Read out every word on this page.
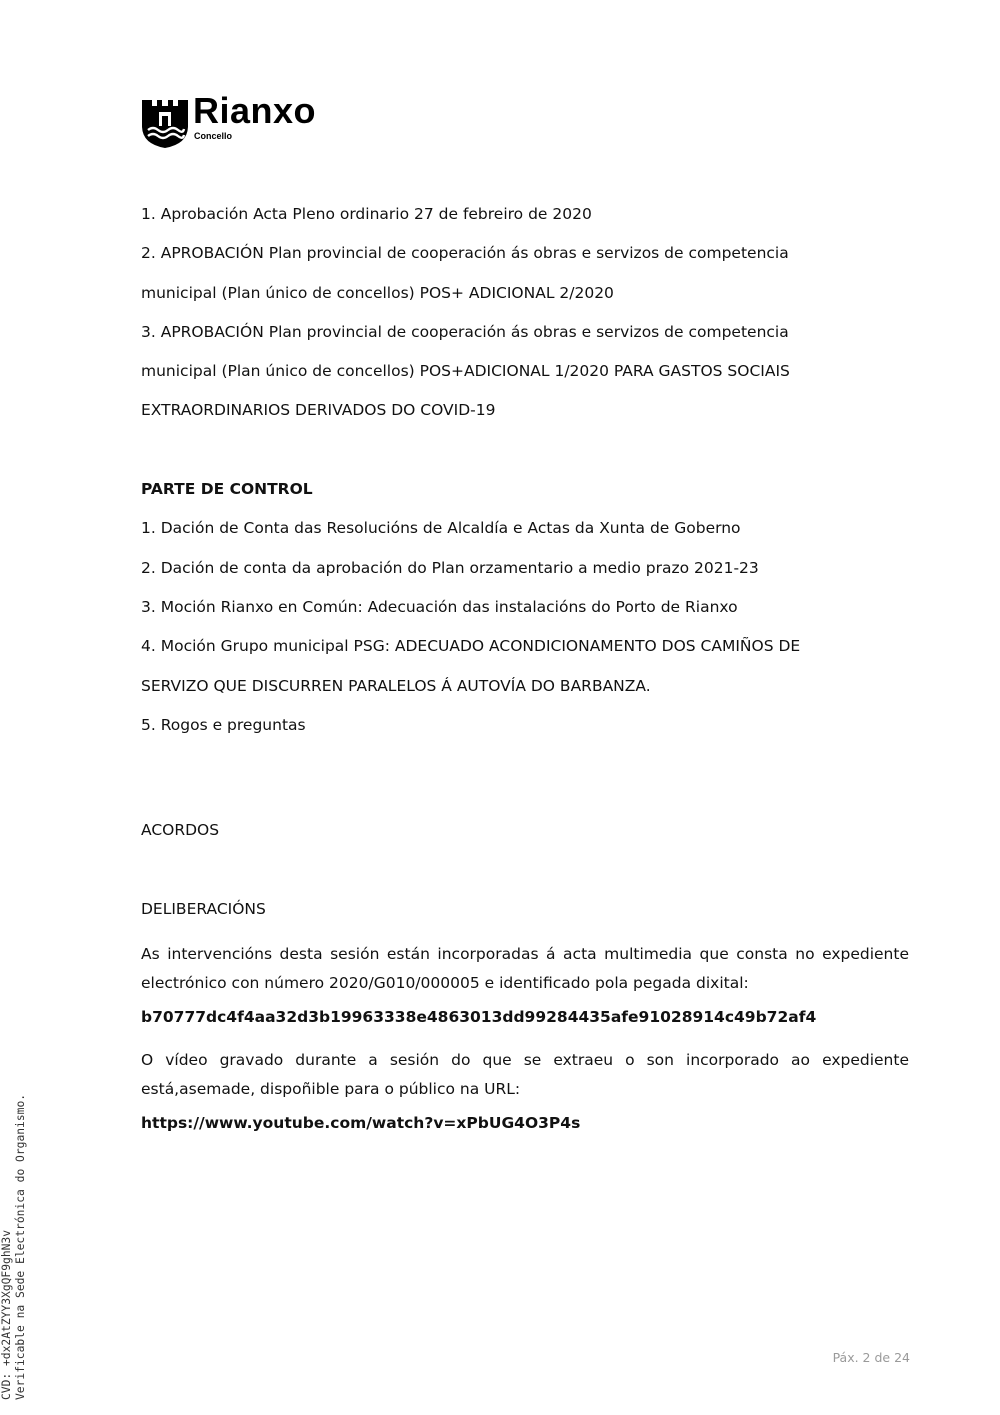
Rianxo
Concello

1. Aprobación Acta Pleno ordinario 27 de febreiro de 2020

2. APROBACIÓN Plan provincial de cooperación ás obras e servizos de competencia

municipal (Plan único de concellos) POS+ ADICIONAL 2/2020

3. APROBACIÓN Plan provincial de cooperación ás obras e servizos de competencia

municipal (Plan único de concellos) POS+ADICIONAL 1/2020 PARA GASTOS SOCIAIS

EXTRAORDINARIOS DERIVADOS DO COVID-19

PARTE DE CONTROL

1. Dación de Conta das Resolucións de Alcaldía e Actas da Xunta de Goberno

2. Dación de conta da aprobación do Plan orzamentario a medio prazo 2021-23

3. Moción Rianxo en Común: Adecuación das instalacións do Porto de Rianxo

4. Moción Grupo municipal PSG: ADECUADO ACONDICIONAMENTO DOS CAMIÑOS DE

SERVIZO QUE DISCURREN PARALELOS Á AUTOVÍA DO BARBANZA.

5. Rogos e preguntas

ACORDOS

DELIBERACIÓNS

As intervencións desta sesión están incorporadas á acta multimedia que consta no expediente electrónico con número 2020/G010/000005 e identificado pola pegada dixital:

b70777dc4f4aa32d3b19963338e4863013dd99284435afe91028914c49b72af4

O vídeo gravado durante a sesión do que se extraeu o son incorporado ao expediente está,asemade, dispoñible para o público na URL:

https://www.youtube.com/watch?v=xPbUG4O3P4s

Páx. 2 de 24
CVD: +dx2AtZYY3XgQF9ghN3v Verificable na Sede Electrónica do Organismo.
